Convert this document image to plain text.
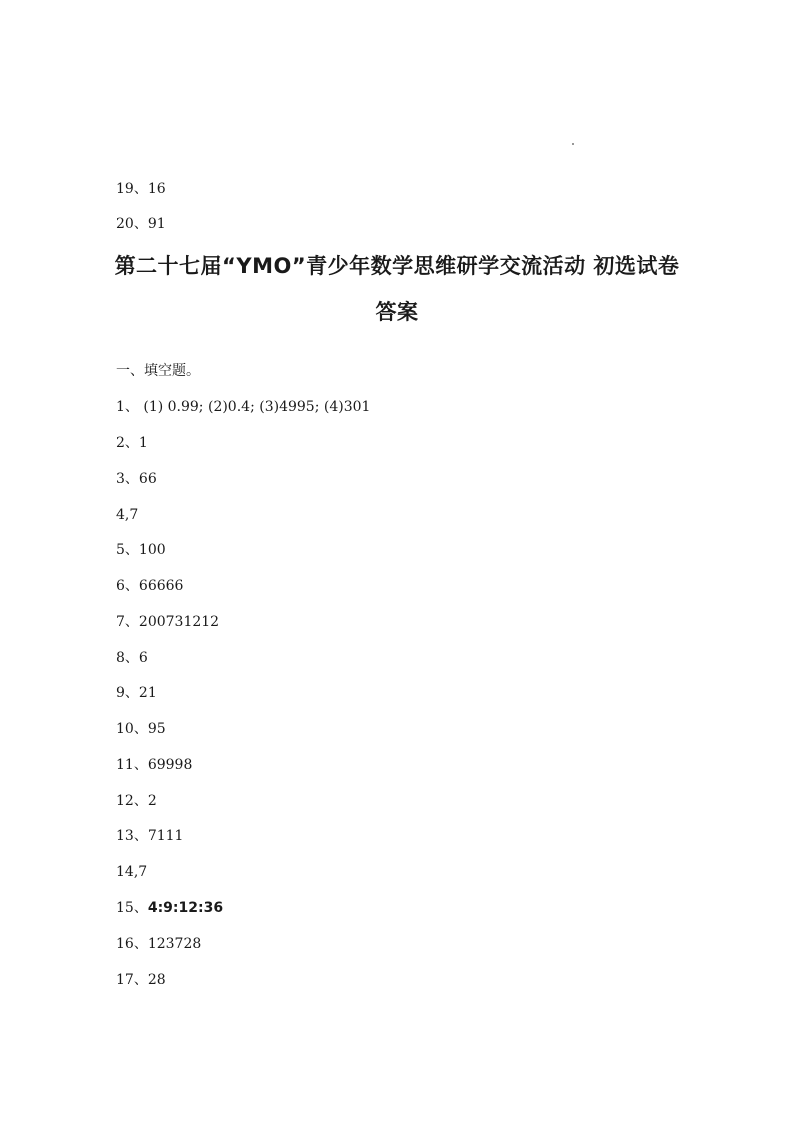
19、16
20、91
第二十七届“YMO”青少年数学思维研学交流活动 初选试卷
答案
一、填空题。
1、 (1) 0.99; (2)0.4; (3)4995; (4)301
2、1
3、66
4,7
5、100
6、66666
7、200731212
8、6
9、21
10、95
11、69998
12、2
13、7111
14,7
15、4:9:12:36
16、123728
17、28
